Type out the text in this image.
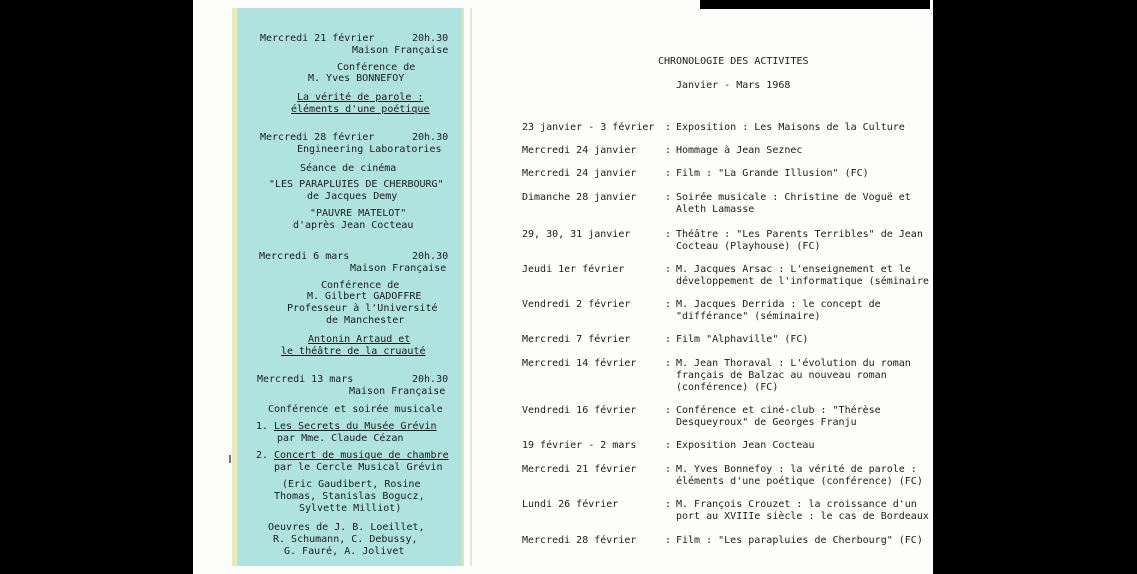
Mercredi 21 février	20h.30
Maison Française
Conférence de
M. Yves BONNEFOY
La vérité de parole :
éléments d'une poétique
Mercredi 28 février	20h.30
Engineering Laboratories
Séance de cinéma
"LES PARAPLUIES DE CHERBOURG"
de Jacques Demy
"PAUVRE MATELOT"
d'après Jean Cocteau
Mercredi 6 mars	20h.30
Maison Française
Conférence de
M. Gilbert GADOFFRE
Professeur à l'Université
de Manchester
Antonin Artaud et
le théâtre de la cruauté
Mercredi 13 mars	20h.30
Maison Française
Conférence et soirée musicale
1. Les Secrets du Musée Grévin
par Mme. Claude Cézan
2. Concert de musique de chambre
par le Cercle Musical Grévin
(Eric Gaudibert, Rosine
Thomas, Stanislas Bogucz,
Sylvette Milliot)
Oeuvres de J. B. Loeillet,
R. Schumann, C. Debussy,
G. Fauré, A. Jolivet
CHRONOLOGIE DES ACTIVITES
Janvier - Mars 1968
23 janvier - 3 février : Exposition : Les Maisons de la Culture
Mercredi 24 janvier	: Hommage à Jean Seznec
Mercredi 24 janvier	: Film : "La Grande Illusion" (FC)
Dimanche 28 janvier	: Soirée musicale : Christine de Voguë et
Aleth Lamasse
29, 30, 31 janvier	: Théâtre : "Les Parents Terribles" de Jean
Cocteau (Playhouse) (FC)
Jeudi 1er février	: M. Jacques Arsac : L'enseignement et le
développement de l'informatique (séminaire
Vendredi 2 février	: M. Jacques Derrida : le concept de
"différance" (séminaire)
Mercredi 7 février	: Film "Alphaville" (FC)
Mercredi 14 février	: M. Jean Thoraval : L'évolution du roman
français de Balzac au nouveau roman
(conférence) (FC)
Vendredi 16 février	: Conférence et ciné-club : "Thérèse
Desqueyroux" de Georges Franju
19 février - 2 mars	: Exposition Jean Cocteau
Mercredi 21 février	: M. Yves Bonnefoy : la vérité de parole :
éléments d'une poétique (conférence) (FC)
Lundi 26 février	: M. François Crouzet : la croissance d'un
port au XVIIIe siècle : le cas de Bordeaux
Mercredi 28 février	: Film : "Les parapluies de Cherbourg" (FC)
